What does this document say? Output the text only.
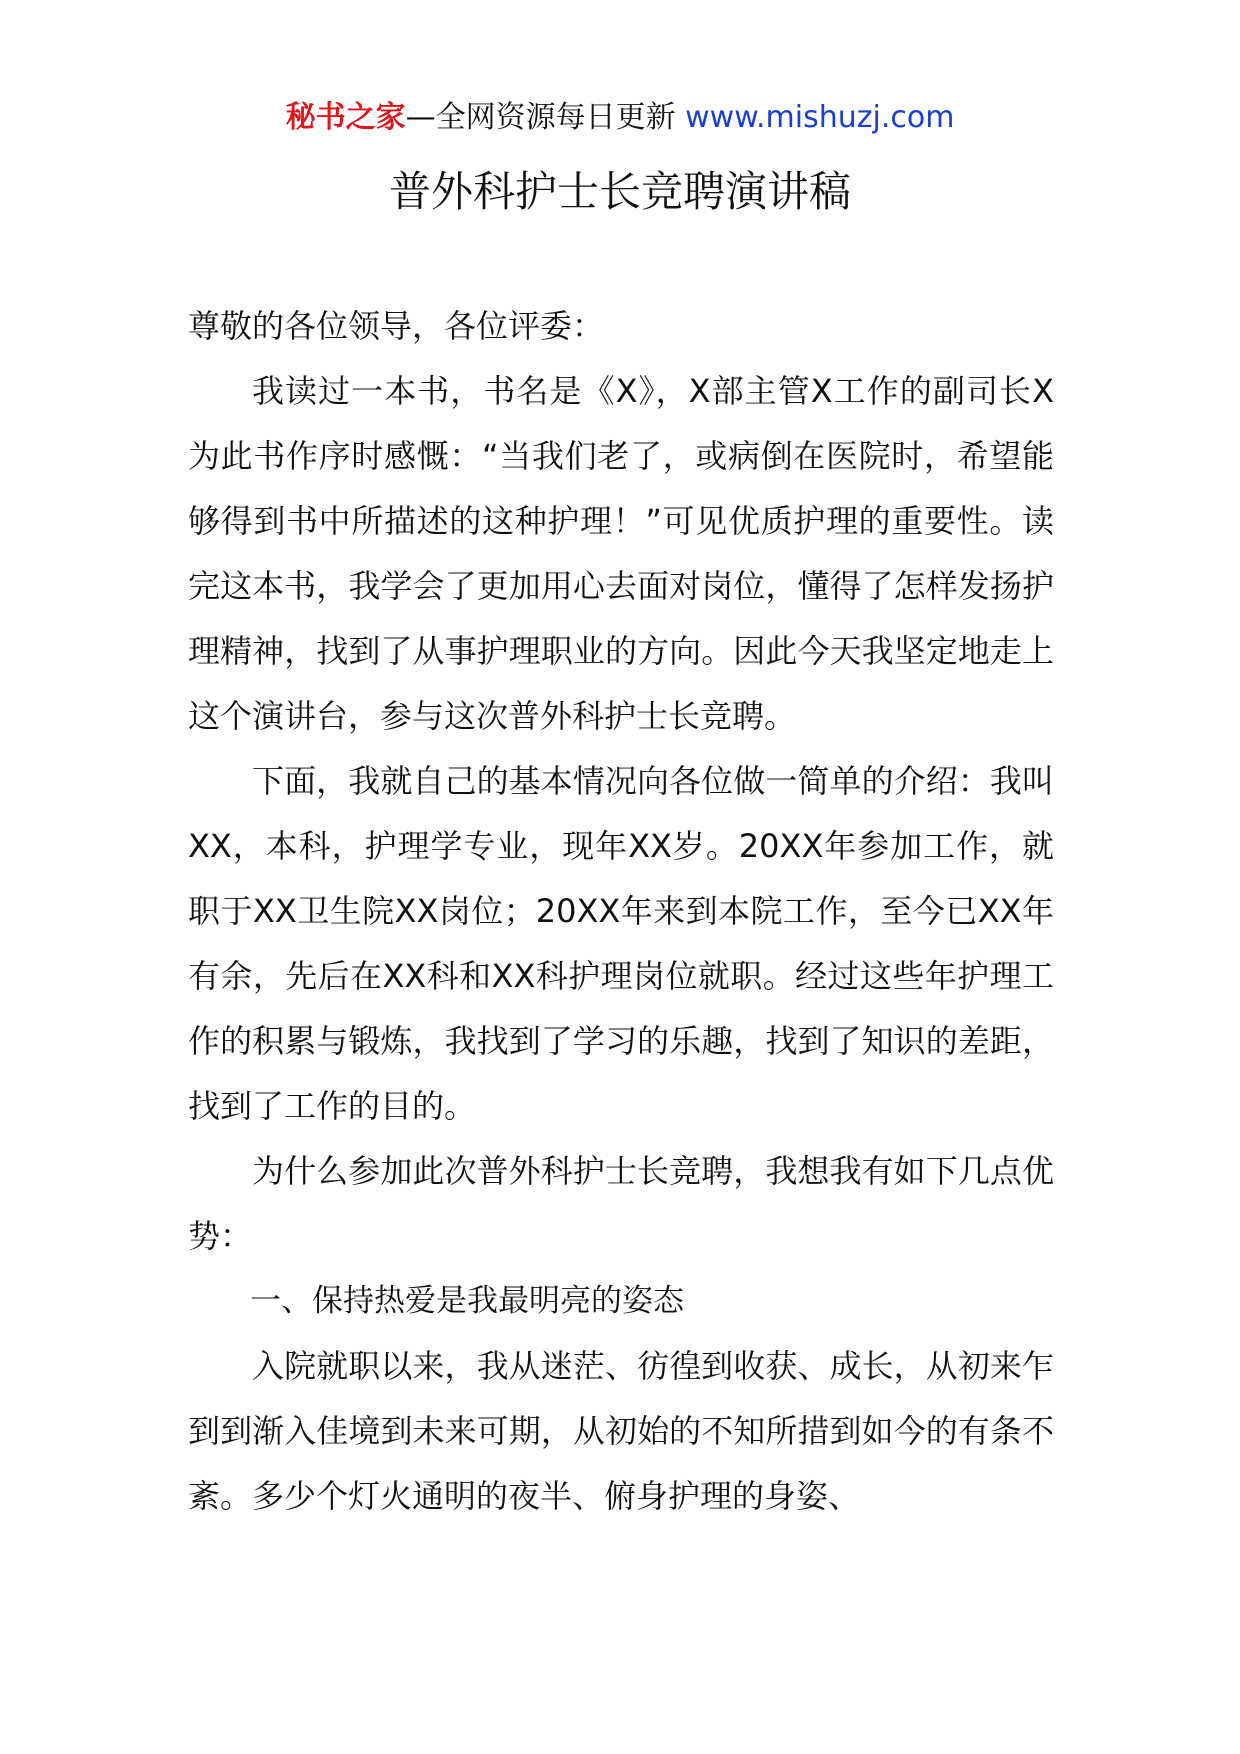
秘书之家—全网资源每日更新 www.mishuzj.com
普外科护士长竞聘演讲稿

尊敬的各位领导，各位评委：

我读过一本书，书名是《X》，X部主管X工作的副司长X为此书作序时感慨：“当我们老了，或病倒在医院时，希望能够得到书中所描述的这种护理！”可见优质护理的重要性。读完这本书，我学会了更加用心去面对岗位，懂得了怎样发扬护理精神，找到了从事护理职业的方向。因此今天我坚定地走上这个演讲台，参与这次普外科护士长竞聘。

下面，我就自己的基本情况向各位做一简单的介绍：我叫XX，本科，护理学专业，现年XX岁。20XX年参加工作，就职于XX卫生院XX岗位；20XX年来到本院工作，至今已XX年有余，先后在XX科和XX科护理岗位就职。经过这些年护理工作的积累与锻炼，我找到了学习的乐趣，找到了知识的差距，找到了工作的目的。

为什么参加此次普外科护士长竞聘，我想我有如下几点优势：

一、保持热爱是我最明亮的姿态

入院就职以来，我从迷茫、彷徨到收获、成长，从初来乍到到渐入佳境到未来可期，从初始的不知所措到如今的有条不紊。多少个灯火通明的夜半、俯身护理的身姿、
